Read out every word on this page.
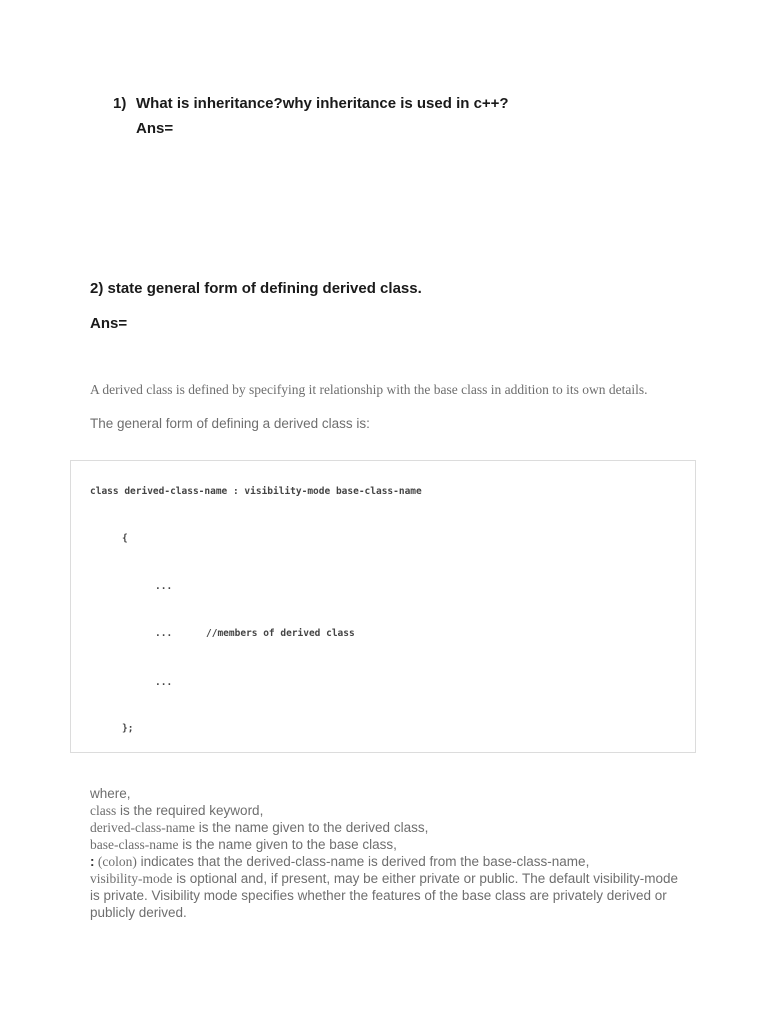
1) What is inheritance?why inheritance is used in c++?
Ans=
2) state general form of defining derived class.
Ans=
A derived class is defined by specifying it relationship with the base class in addition to its own details.
The general form of defining a derived class is:
class derived-class-name : visibility-mode base-class-name
{
...
...	//members of derived class
...
};
where,
class is the required keyword,
derived-class-name is the name given to the derived class,
base-class-name is the name given to the base class,
: (colon) indicates that the derived-class-name is derived from the base-class-name,
visibility-mode is optional and, if present, may be either private or public. The default visibility-mode is private. Visibility mode specifies whether the features of the base class are privately derived or publicly derived.
